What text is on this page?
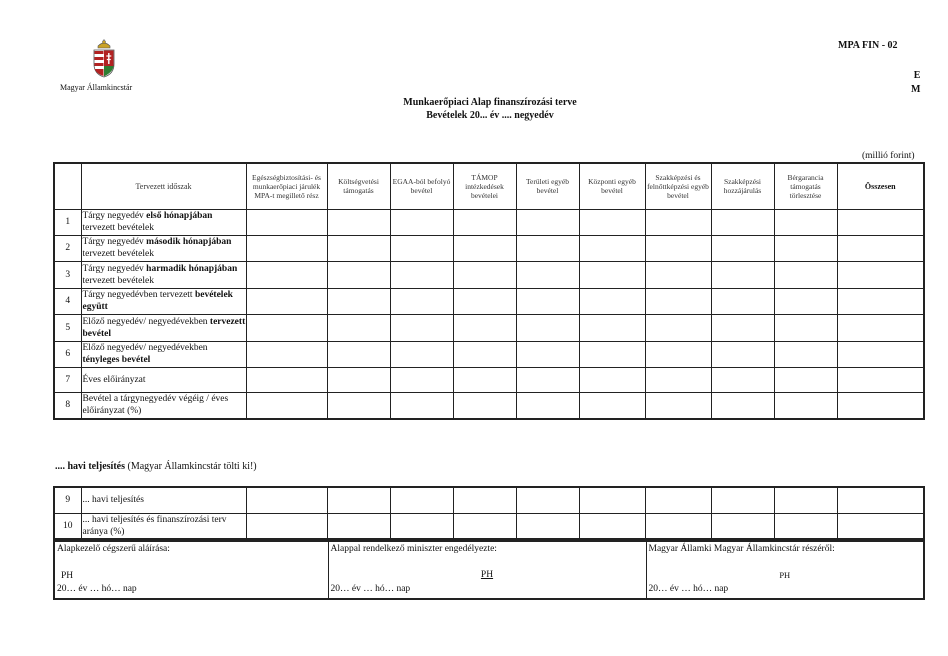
Magyar Államkincstár
MPA FIN - 02
E
M
Munkaerőpiaci Alap finanszírozási terve
Bevételek 20... év .... negyedév
(millió forint)
	Tervezett időszak	Egészségbiztosítási- és munkaerőpiaci járulék MPA-t megillető rész	Költségvetési támogatás	EGAA-ból befolyó bevétel	TÁMOP intézkedések bevételei	Területi egyéb bevétel	Központi egyéb bevétel	Szakképzési és felnőttképzési egyéb bevétel	Szakképzési hozzájárulás	Bérgarancia támogatás törlesztése	Összesen
1	Tárgy negyedév első hónapjában tervezett bevételek										
2	Tárgy negyedév második hónapjában tervezett bevételek										
3	Tárgy negyedév harmadik hónapjában tervezett bevételek										
4	Tárgy negyedévben tervezett bevételek együtt										
5	Előző negyedév/ negyedévekben tervezett bevétel										
6	Előző negyedév/ negyedévekben tényleges bevétel										
7	Éves előirányzat										
8	Bevétel a tárgynegyedév végéig / éves előirányzat (%)										
.... havi teljesítés (Magyar Államkincstár tölti ki!)
9	... havi teljesítés										
10	... havi teljesítés és finanszírozási terv aránya (%)										
Alapkezelő cégszerű aláírása:
PH
20… év … hó… nap

Alappal rendelkező miniszter engedélyezte:
PH
20… év … hó… nap

Magyar Államki Magyar Államkincstár részéről:
PH
20… év … hó… nap
